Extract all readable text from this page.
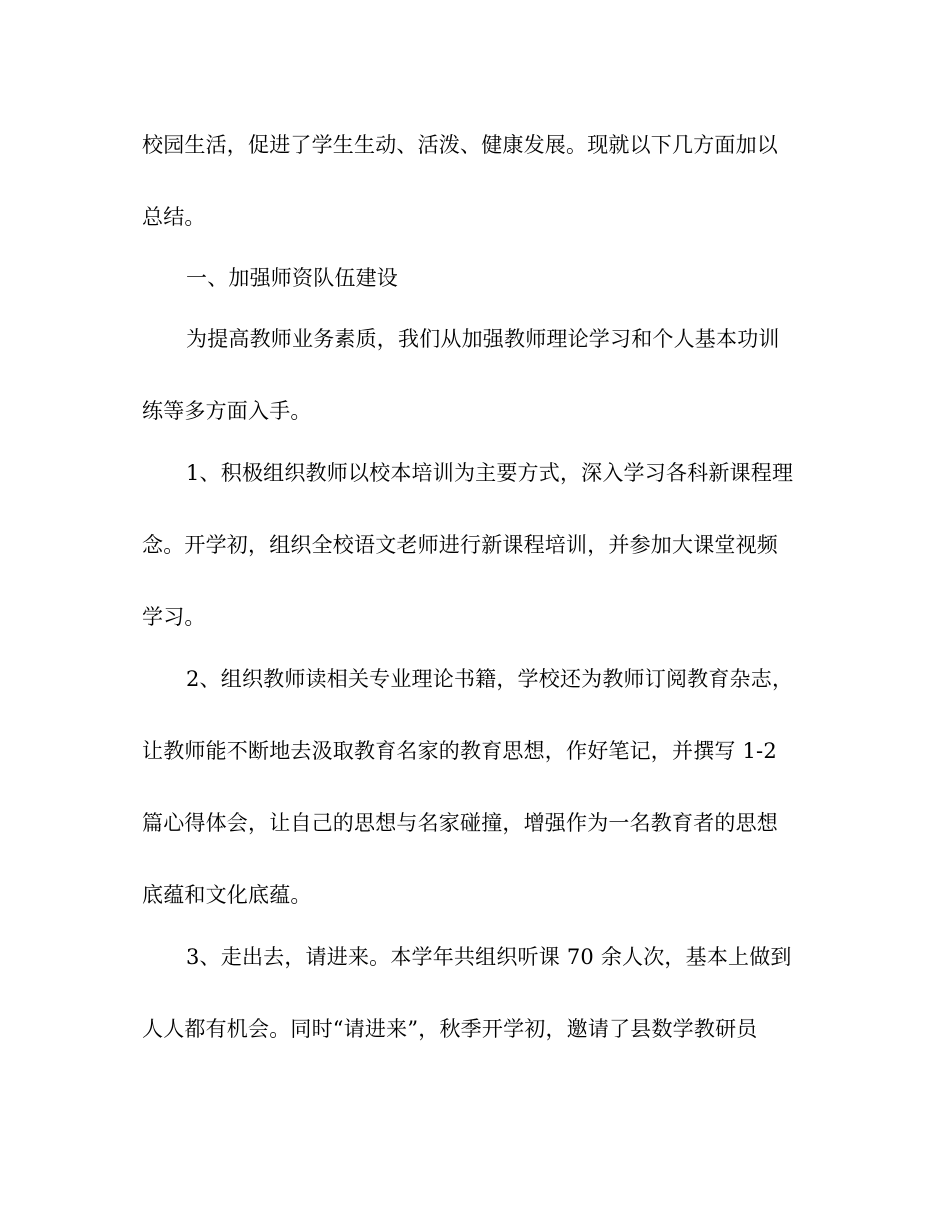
校园生活，促进了学生生动、活泼、健康发展。现就以下几方面加以
总结。
一、加强师资队伍建设
为提高教师业务素质，我们从加强教师理论学习和个人基本功训
练等多方面入手。
1、积极组织教师以校本培训为主要方式，深入学习各科新课程理
念。开学初，组织全校语文老师进行新课程培训，并参加大课堂视频
学习。
2、组织教师读相关专业理论书籍，学校还为教师订阅教育杂志，
让教师能不断地去汲取教育名家的教育思想，作好笔记，并撰写 1-2
篇心得体会，让自己的思想与名家碰撞，增强作为一名教育者的思想
底蕴和文化底蕴。
3、走出去，请进来。本学年共组织听课 70 余人次，基本上做到
人人都有机会。同时“请进来”，秋季开学初，邀请了县数学教研员
